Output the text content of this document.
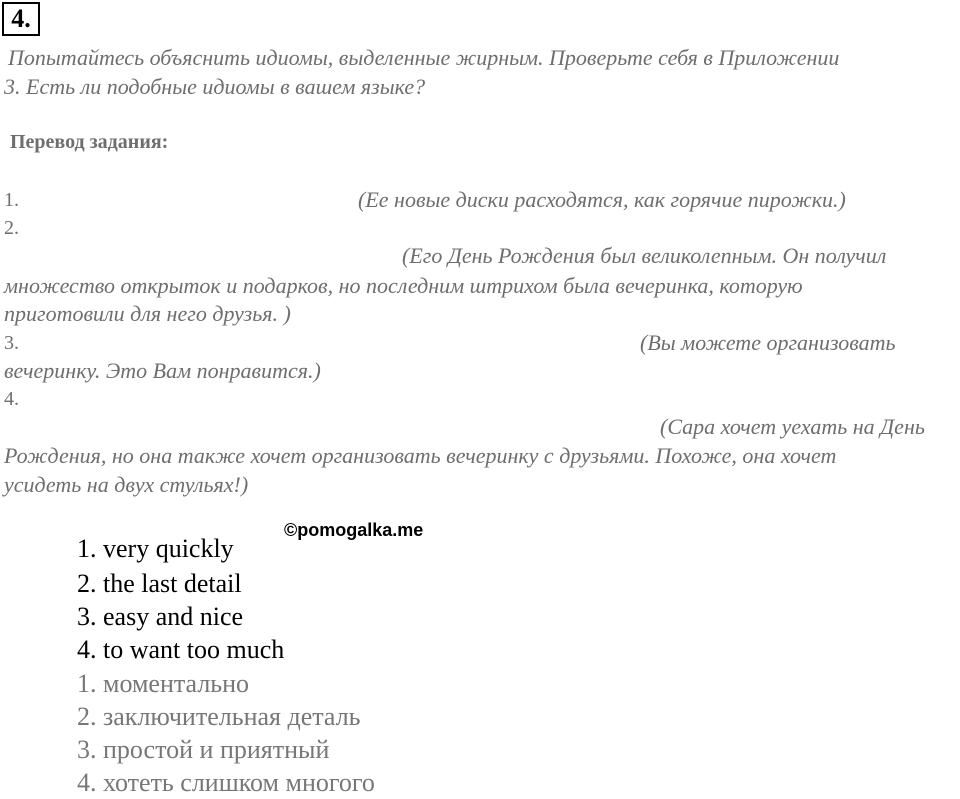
4.
Попытайтесь объяснить идиомы, выделенные жирным. Проверьте себя в Приложении
3. Есть ли подобные идиомы в вашем языке?
Перевод задания:
1.	(Ее новые диски расходятся, как горячие пирожки.)
2.
(Его День Рождения был великолепным. Он получил
множество открыток и подарков, но последним штрихом была вечеринка, которую
приготовили для него друзья. )
3.	(Вы можете организовать
вечеринку. Это Вам понравится.)
4.
(Сара хочет уехать на День
Рождения, но она также хочет организовать вечеринку с друзьями. Похоже, она хочет
усидеть на двух стульях!)
©pomogalka.me
1. very quickly
2. the last detail
3. easy and nice
4. to want too much
1. моментально
2. заключительная деталь
3. простой и приятный
4. хотеть слишком многого
